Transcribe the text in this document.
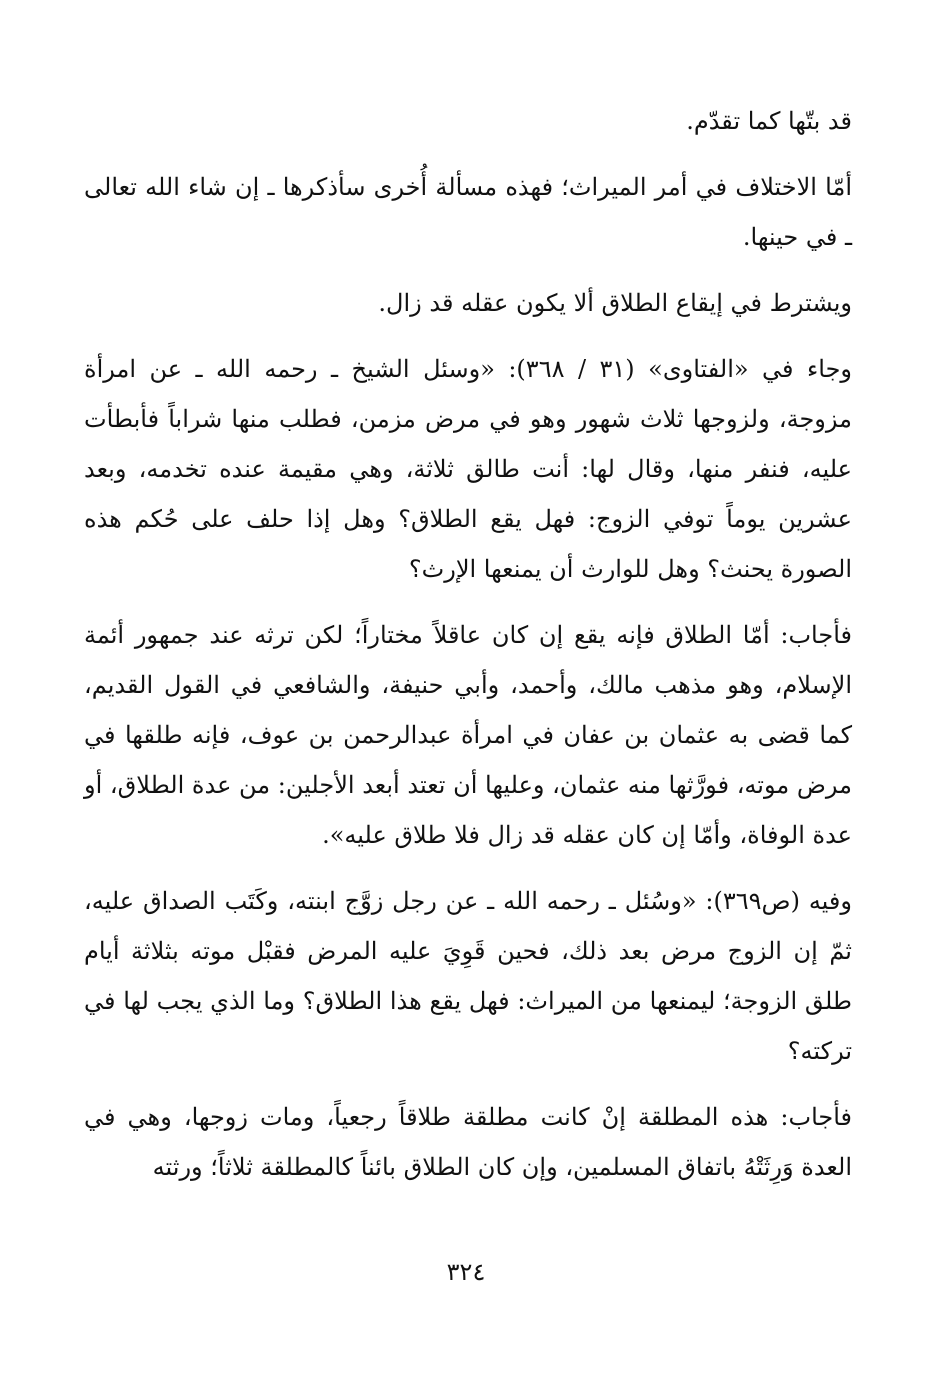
قد بتّها كما تقدّم.

أمّا الاختلاف في أمر الميراث؛ فهذه مسألة أُخرى سأذكرها ـ إن شاء الله تعالى ـ في حينها.

ويشترط في إيقاع الطلاق ألا يكون عقله قد زال.

وجاء في «الفتاوى» (٣١ / ٣٦٨): «وسئل الشيخ ـ رحمه الله ـ عن امرأة مزوجة، ولزوجها ثلاث شهور وهو في مرض مزمن، فطلب منها شراباً فأبطأت عليه، فنفر منها، وقال لها: أنت طالق ثلاثة، وهي مقيمة عنده تخدمه، وبعد عشرين يوماً توفي الزوج: فهل يقع الطلاق؟ وهل إذا حلف على حُكم هذه الصورة يحنث؟ وهل للوارث أن يمنعها الإرث؟

فأجاب: أمّا الطلاق فإنه يقع إن كان عاقلاً مختاراً؛ لكن ترثه عند جمهور أئمة الإسلام، وهو مذهب مالك، وأحمد، وأبي حنيفة، والشافعي في القول القديم، كما قضى به عثمان بن عفان في امرأة عبدالرحمن بن عوف، فإنه طلقها في مرض موته، فورَّثها منه عثمان، وعليها أن تعتد أبعد الأجلين: من عدة الطلاق، أو عدة الوفاة، وأمّا إن كان عقله قد زال فلا طلاق عليه».

وفيه (ص٣٦٩): «وسُئل ـ رحمه الله ـ عن رجل زوَّج ابنته، وكَتَب الصداق عليه، ثمّ إن الزوج مرض بعد ذلك، فحين قَوِيَ عليه المرض فقبْل موته بثلاثة أيام طلق الزوجة؛ ليمنعها من الميراث: فهل يقع هذا الطلاق؟ وما الذي يجب لها في تركته؟

فأجاب: هذه المطلقة إنْ كانت مطلقة طلاقاً رجعياً، ومات زوجها، وهي في العدة وَرِثَتْهُ باتفاق المسلمين، وإن كان الطلاق بائناً كالمطلقة ثلاثاً؛ ورثته

٣٢٤
